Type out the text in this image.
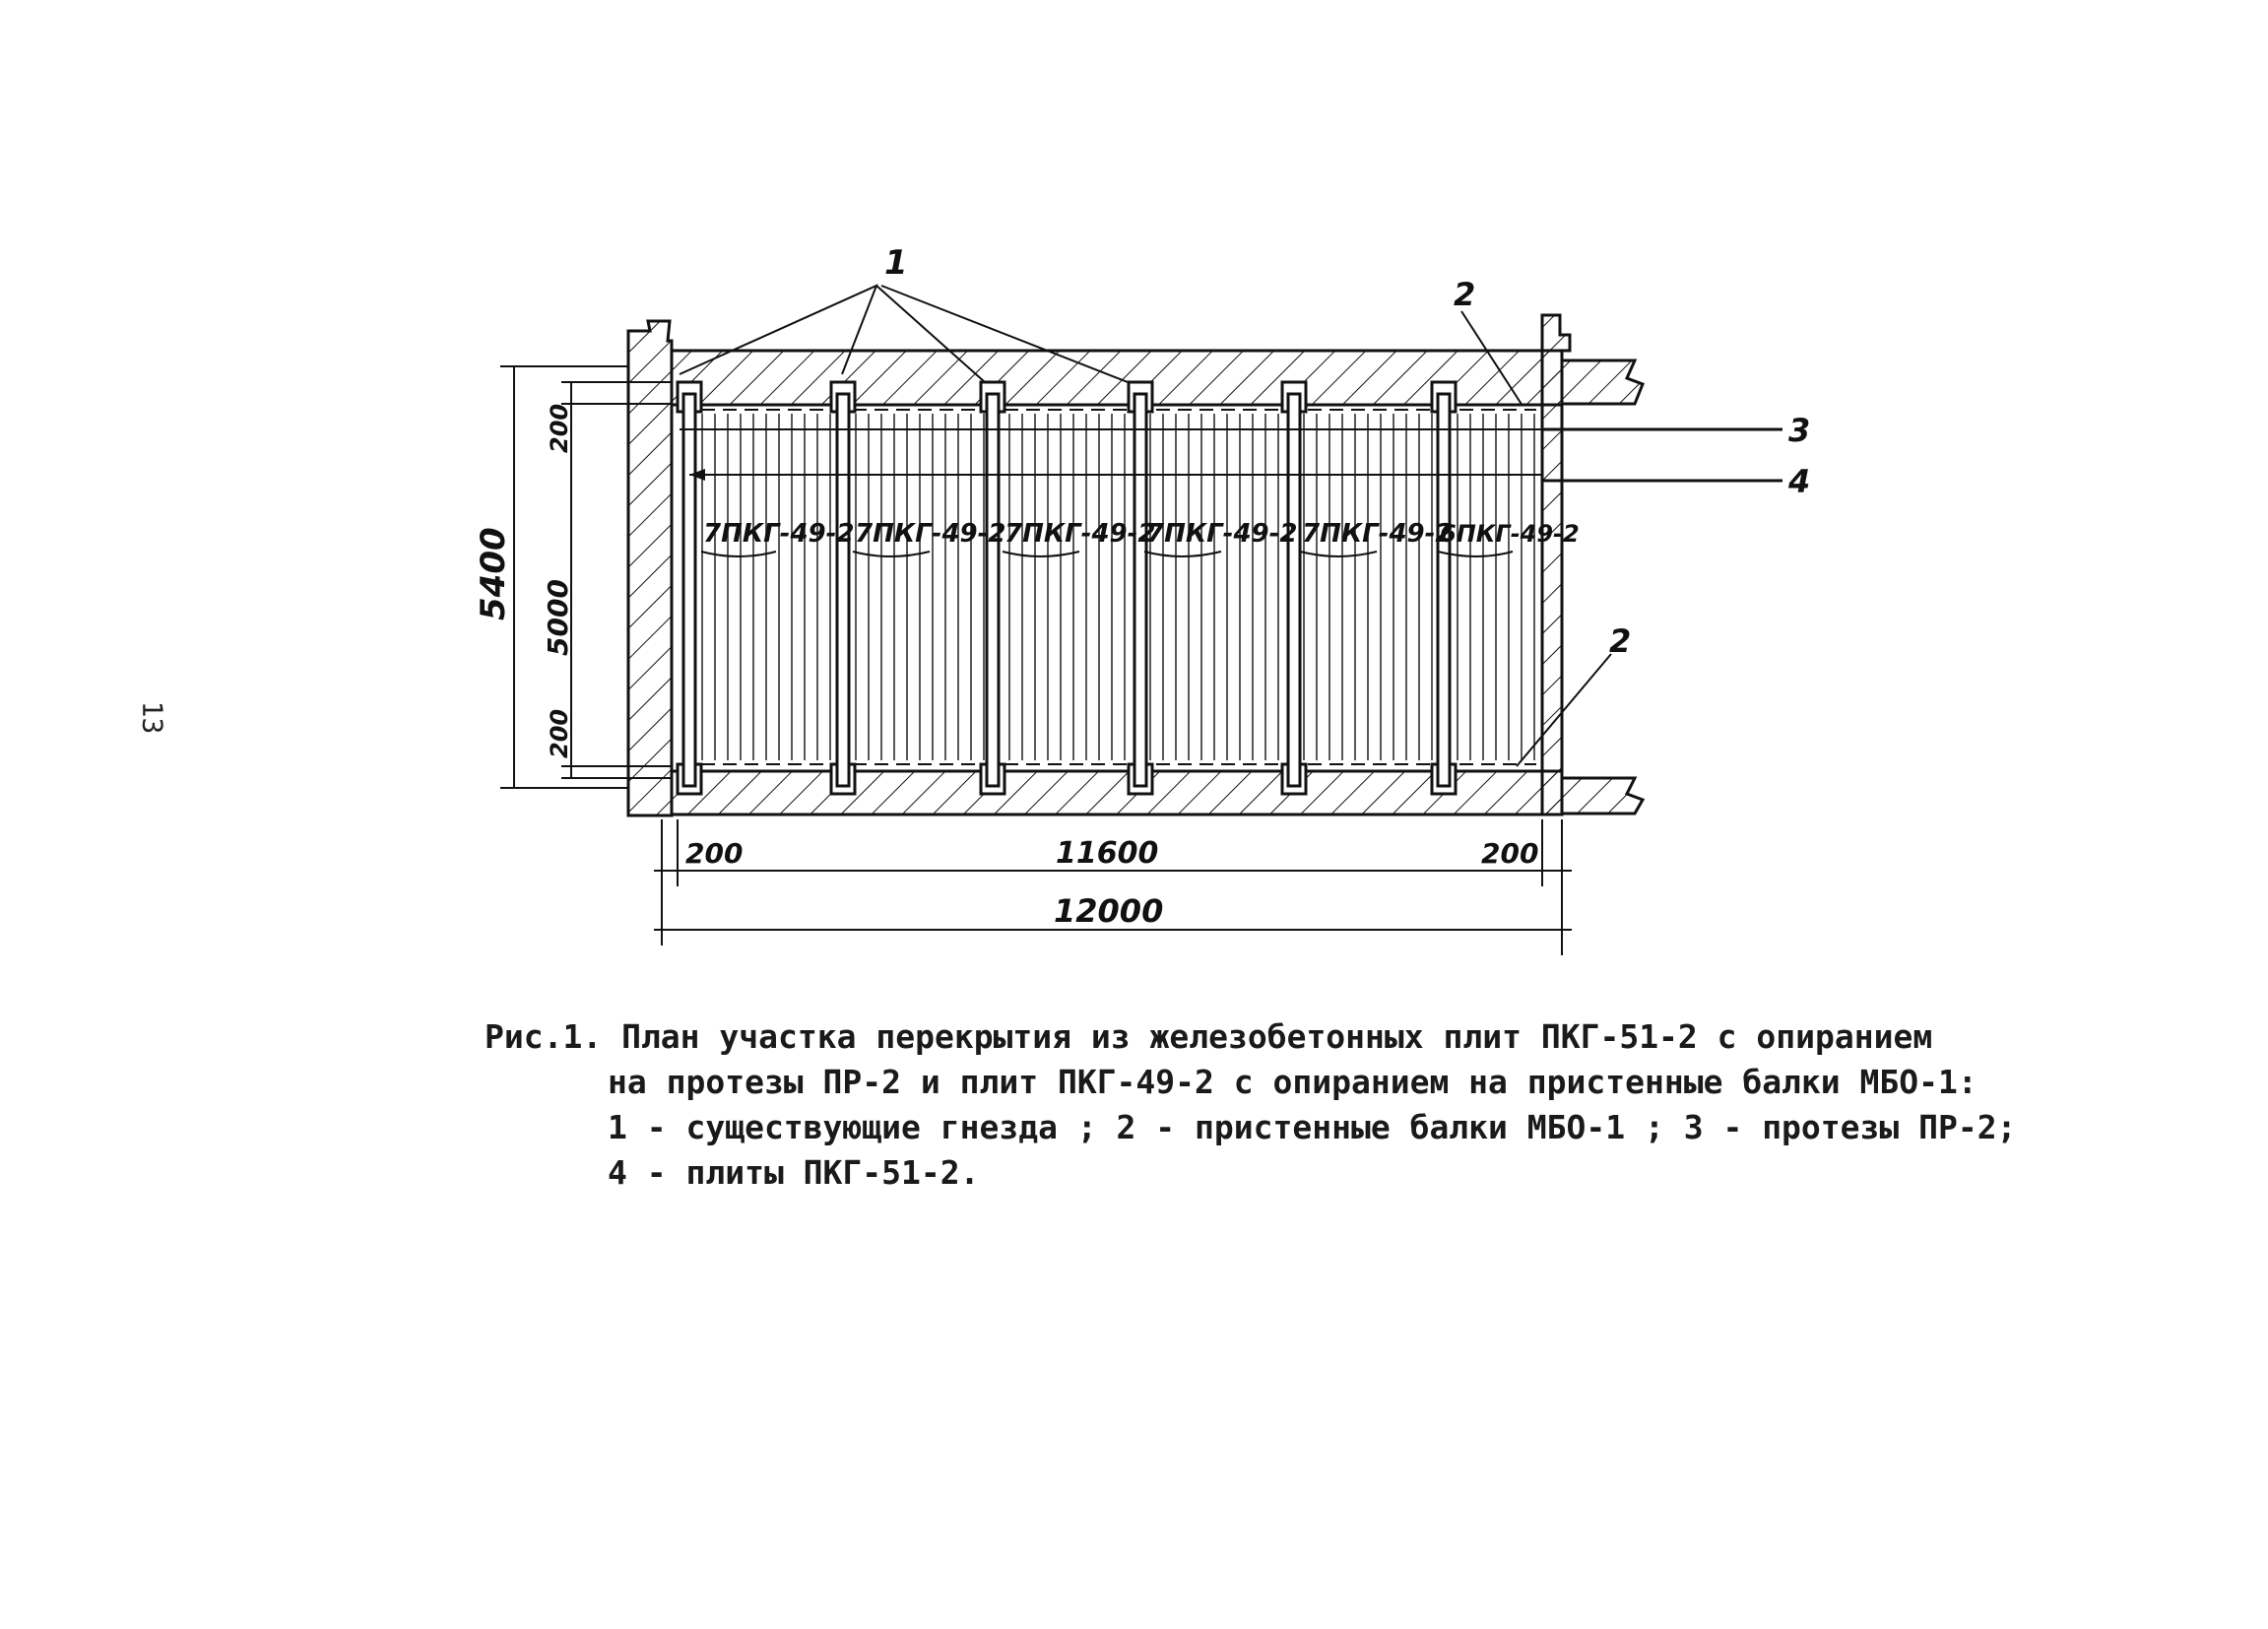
7ПКГ-49-2 7ПКГ-49-2
7ПКГ-49-2
7ПКГ-49-2 7ПКГ-49-2
6ПКГ-49-2
1
2
2
3
4
5400
200
5000
200
200	11600	200
12000
13
Рис.1. План участка перекрытия из железобетонных плит ПКГ-51-2 с опиранием
на протезы ПР-2 и плит ПКГ-49-2 с опиранием на пристенные балки МБО-1:
1 - существующие гнезда ; 2 - пристенные балки МБО-1 ; 3 - протезы ПР-2;
4 - плиты ПКГ-51-2.
